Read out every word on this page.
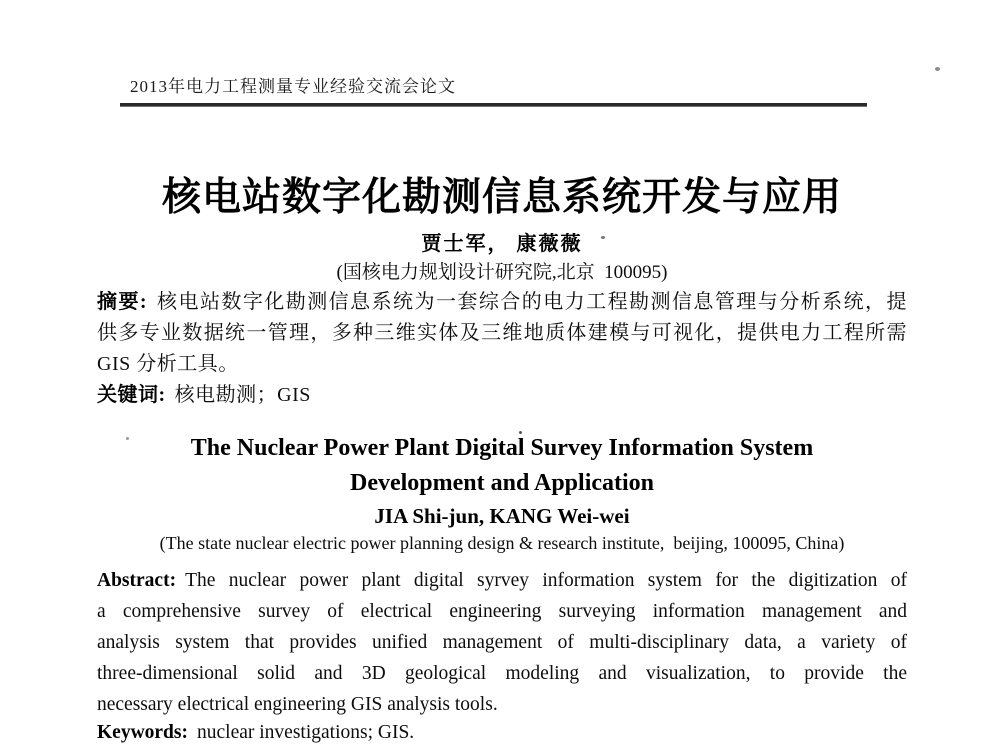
2013年电力工程测量专业经验交流会论文
核电站数字化勘测信息系统开发与应用
贾士军， 康薇薇
(国核电力规划设计研究院,北京  100095)
摘要: 核电站数字化勘测信息系统为一套综合的电力工程勘测信息管理与分析系统，提
供多专业数据统一管理，多种三维实体及三维地质体建模与可视化，提供电力工程所需
GIS 分析工具。
关键词: 核电勘测；GIS
The Nuclear Power Plant Digital Survey Information System
Development and Application
JIA Shi-jun, KANG Wei-wei
(The state nuclear electric power planning design & research institute,  beijing, 100095, China)
Abstract: The nuclear power plant digital syrvey information system for the digitization of
a comprehensive survey of electrical engineering surveying information management and
analysis system that provides unified management of multi-disciplinary data, a variety of
three-dimensional solid and 3D geological modeling and visualization, to provide the
necessary electrical engineering GIS analysis tools.
Keywords: nuclear investigations; GIS.
